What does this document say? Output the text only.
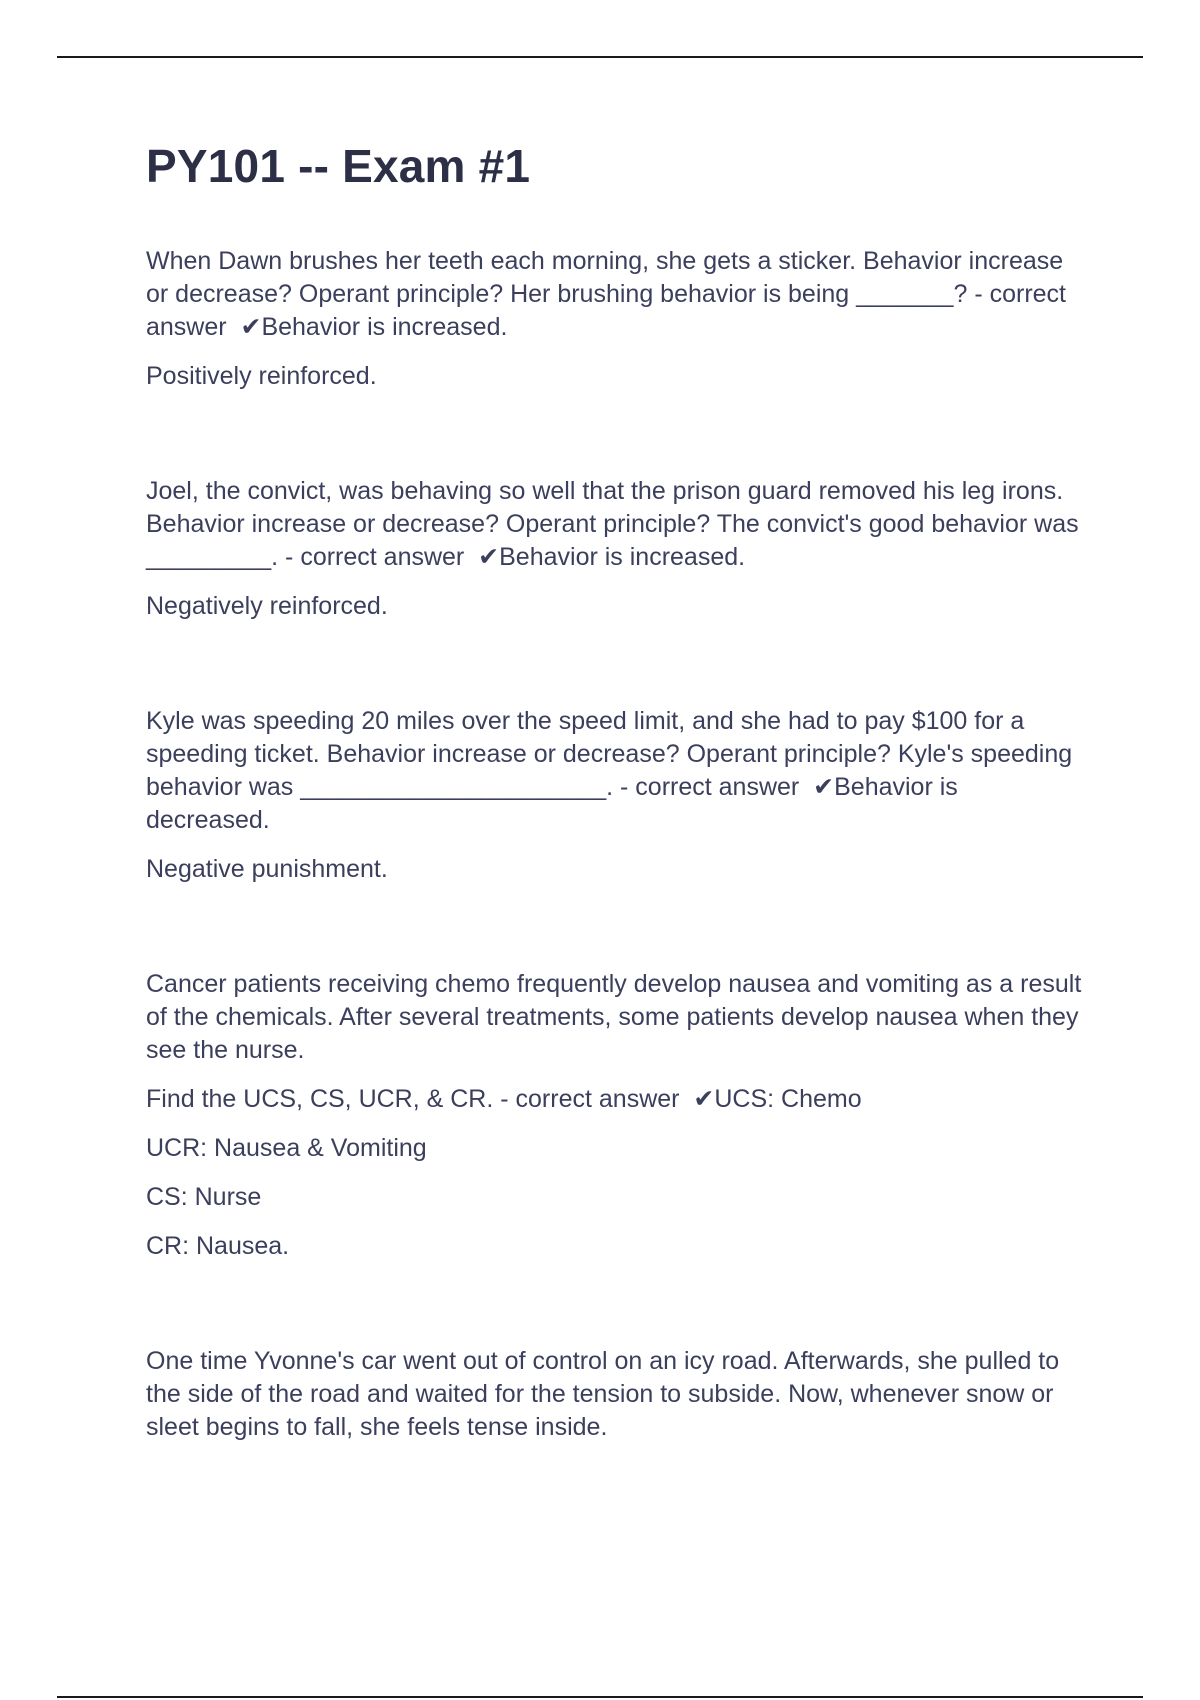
PY101 -- Exam #1

When Dawn brushes her teeth each morning, she gets a sticker. Behavior increase or decrease? Operant principle? Her brushing behavior is being _______? - correct answer ✔Behavior is increased.

Positively reinforced.

Joel, the convict, was behaving so well that the prison guard removed his leg irons. Behavior increase or decrease? Operant principle? The convict's good behavior was _________. - correct answer ✔Behavior is increased.

Negatively reinforced.

Kyle was speeding 20 miles over the speed limit, and she had to pay $100 for a speeding ticket. Behavior increase or decrease? Operant principle? Kyle's speeding behavior was ______________________. - correct answer ✔Behavior is decreased.

Negative punishment.

Cancer patients receiving chemo frequently develop nausea and vomiting as a result of the chemicals. After several treatments, some patients develop nausea when they see the nurse.

Find the UCS, CS, UCR, & CR. - correct answer ✔UCS: Chemo

UCR: Nausea & Vomiting

CS: Nurse

CR: Nausea.

One time Yvonne's car went out of control on an icy road. Afterwards, she pulled to the side of the road and waited for the tension to subside. Now, whenever snow or sleet begins to fall, she feels tense inside.
